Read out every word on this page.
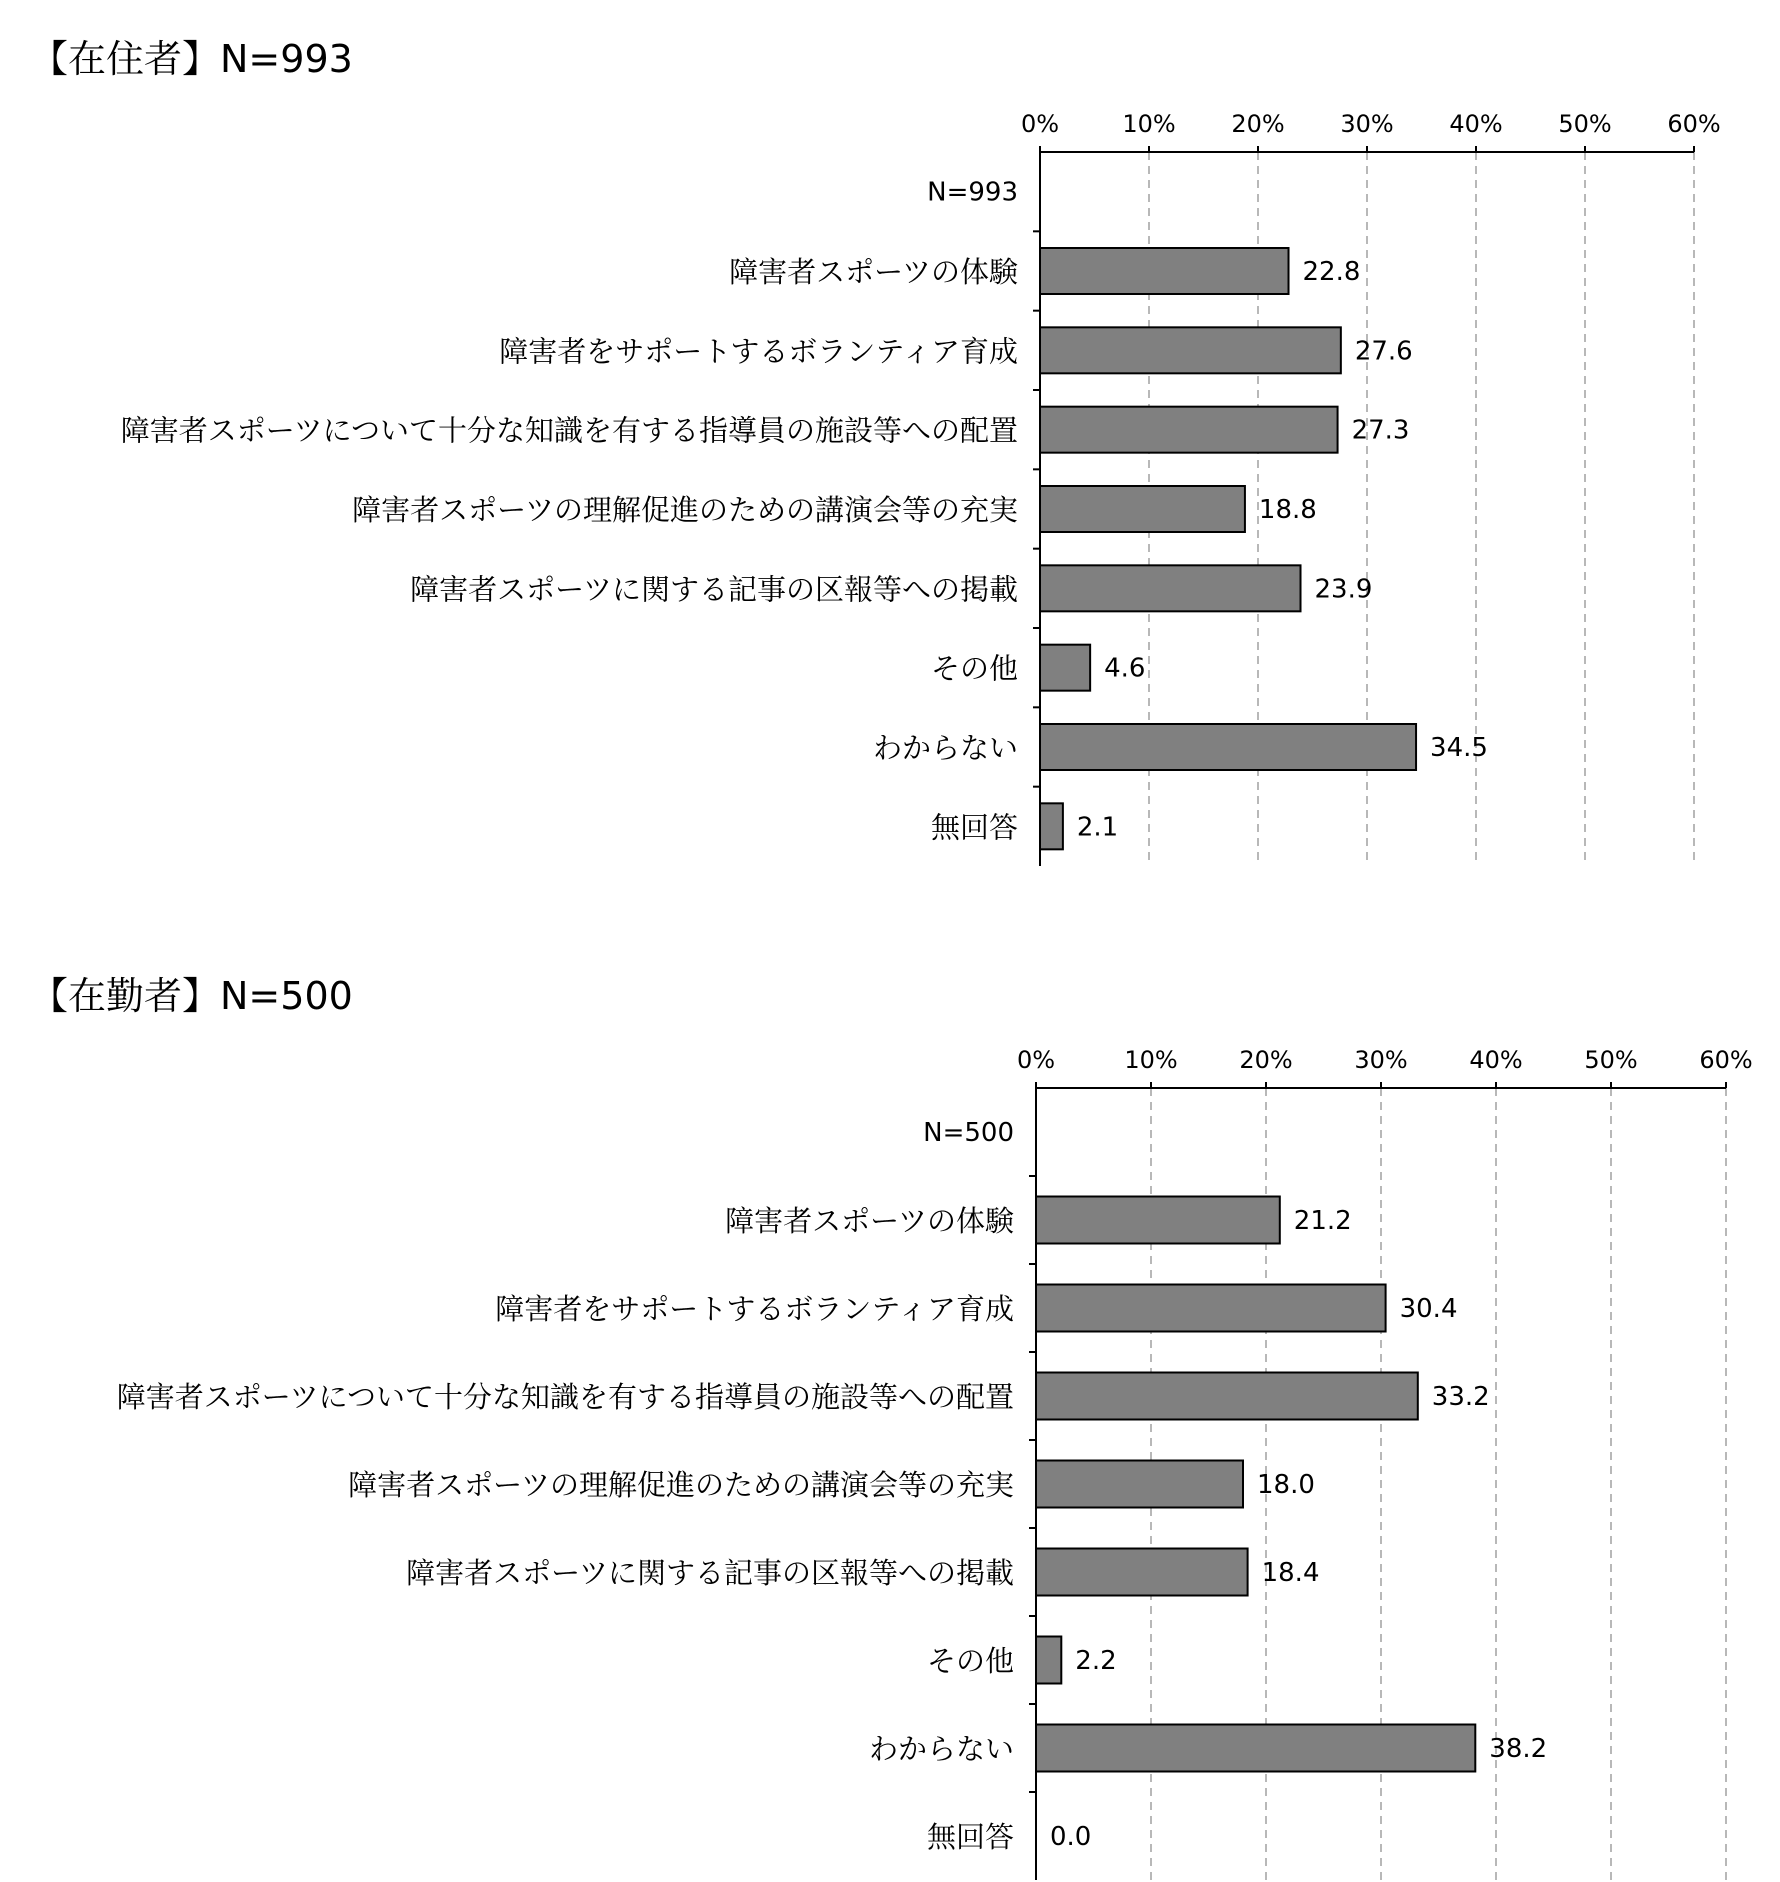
【在住者】N=993
0%	10% 20% 30% 40% 50% 60%
N=993
障害者スポーツの体験	22.8
障害者をサポートするボランティア育成	27.6
障害者スポーツについて十分な知識を有する指導員の施設等への配置	27.3
障害者スポーツの理解促進のための講演会等の充実	18.8
障害者スポーツに関する記事の区報等への掲載	23.9
その他	4.6
わからない	34.5
無回答 2.1
【在勤者】N=500
0%	10%	20%	30%	40%	50%	60%
N=500
障害者スポーツの体験	21.2
障害者をサポートするボランティア育成	30.4
障害者スポーツについて十分な知識を有する指導員の施設等への配置	33.2
障害者スポーツの理解促進のための講演会等の充実	18.0
障害者スポーツに関する記事の区報等への掲載	18.4
その他 2.2
わからない	38.2
無回答 0.0
